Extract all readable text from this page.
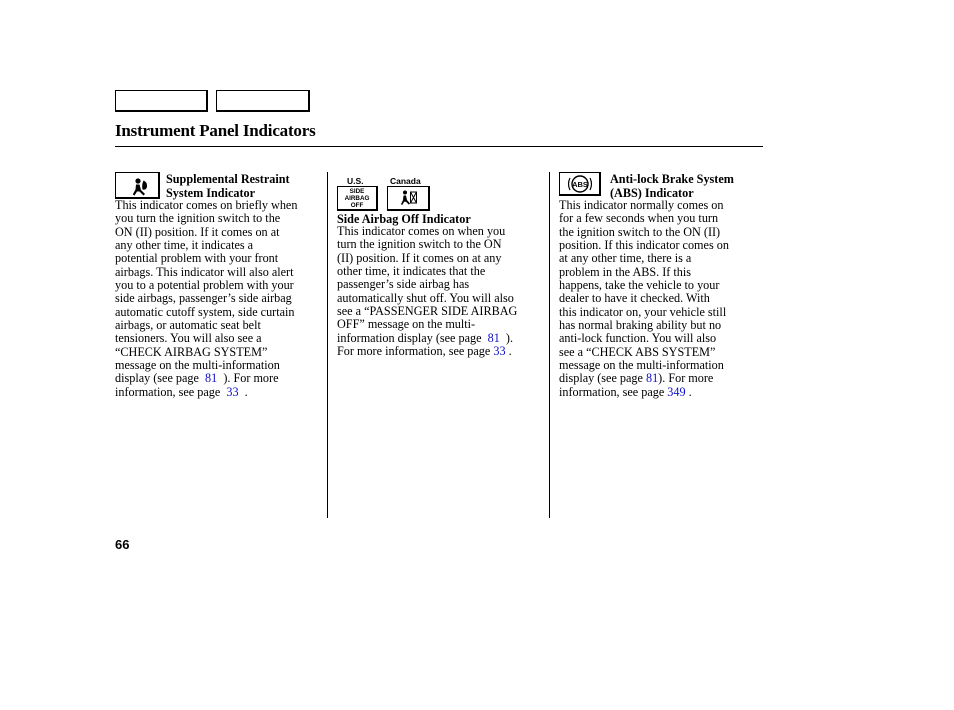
Instrument Panel Indicators
Supplemental Restraint
System Indicator

This indicator comes on briefly when

you turn the ignition switch to the

ON (II) position. If it comes on at

any other time, it indicates a

potential problem with your front

airbags. This indicator will also alert

you to a potential problem with your

side airbags, passenger’s side airbag

automatic cutoff system, side curtain

airbags, or automatic seat belt

tensioners. You will also see a

“CHECK AIRBAG SYSTEM”

message on the multi-information

display (see page 81 ). For more

information, see page 33 .

U.S.	Canada
SIDE
AIRBAG
OFF
Side Airbag Off Indicator

This indicator comes on when you

turn the ignition switch to the ON

(II) position. If it comes on at any

other time, it indicates that the

passenger’s side airbag has

automatically shut off. You will also

see a “PASSENGER SIDE AIRBAG

OFF” message on the multi-

information display (see page 81 ).

For more information, see page 33 .

ABS Anti-lock Brake System
(ABS) Indicator

This indicator normally comes on

for a few seconds when you turn

the ignition switch to the ON (II)

position. If this indicator comes on

at any other time, there is a

problem in the ABS. If this

happens, take the vehicle to your

dealer to have it checked. With

this indicator on, your vehicle still

has normal braking ability but no

anti-lock function. You will also

see a “CHECK ABS SYSTEM”

message on the multi-information

display (see page 81). For more

information, see page 349 .

66
